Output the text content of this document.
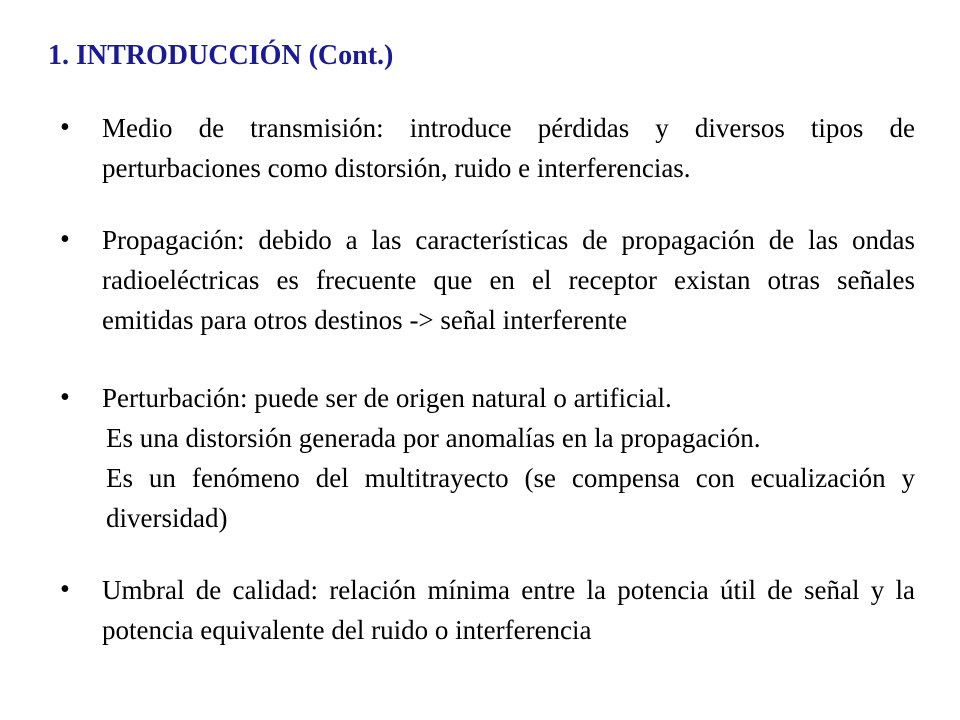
1. INTRODUCCIÓN (Cont.)
• Medio de transmisión: introduce pérdidas y diversos tipos de perturbaciones como distorsión, ruido e interferencias.

• Propagación: debido a las características de propagación de las ondas radioeléctricas es frecuente que en el receptor existan otras señales emitidas para otros destinos -> señal interferente

• Perturbación: puede ser de origen natural o artificial.

Es una distorsión generada por anomalías en la propagación.

Es un fenómeno del multitrayecto (se compensa con ecualización y diversidad)

• Umbral de calidad: relación mínima entre la potencia útil de señal y la potencia equivalente del ruido o interferencia
